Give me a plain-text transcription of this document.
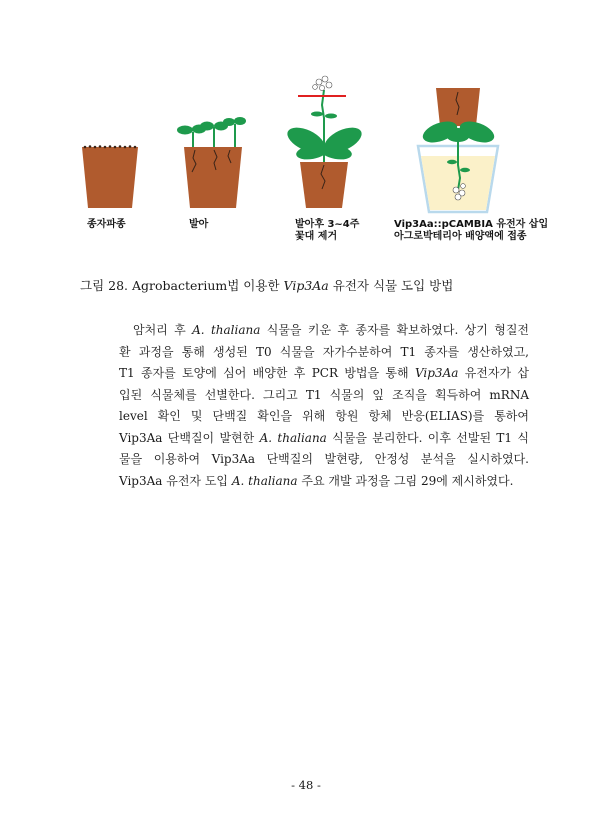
종자파종	발아	발아후 3~4주
꽃대 제거
Vip3Aa::pCAMBIA 유전자 삽입
아그로박테리아 배양액에 접종
그림 28. Agrobacterium법 이용한 Vip3Aa 유전자 식물 도입 방법
암처리 후 A. thaliana 식물을 키운 후 종자를 확보하였다. 상기 형질전
환 과정을 통해 생성된 T0 식물을 자가수분하여 T1 종자를 생산하였고,
T1 종자를 토양에 심어 배양한 후 PCR 방법을 통해 Vip3Aa 유전자가 삽
입된 식물체를 선별한다. 그리고 T1 식물의 잎 조직을 획득하여 mRNA
level 확인 및 단백질 확인을 위해 항원 항체 반응(ELIAS)를 통하여
Vip3Aa 단백질이 발현한 A. thaliana 식물을 분리한다. 이후 선발된 T1 식
물을 이용하여 Vip3Aa 단백질의 발현량, 안정성 분석을 실시하였다.
Vip3Aa 유전자 도입 A. thaliana 주요 개발 과정을 그림 29에 제시하였다.
- 48 -
